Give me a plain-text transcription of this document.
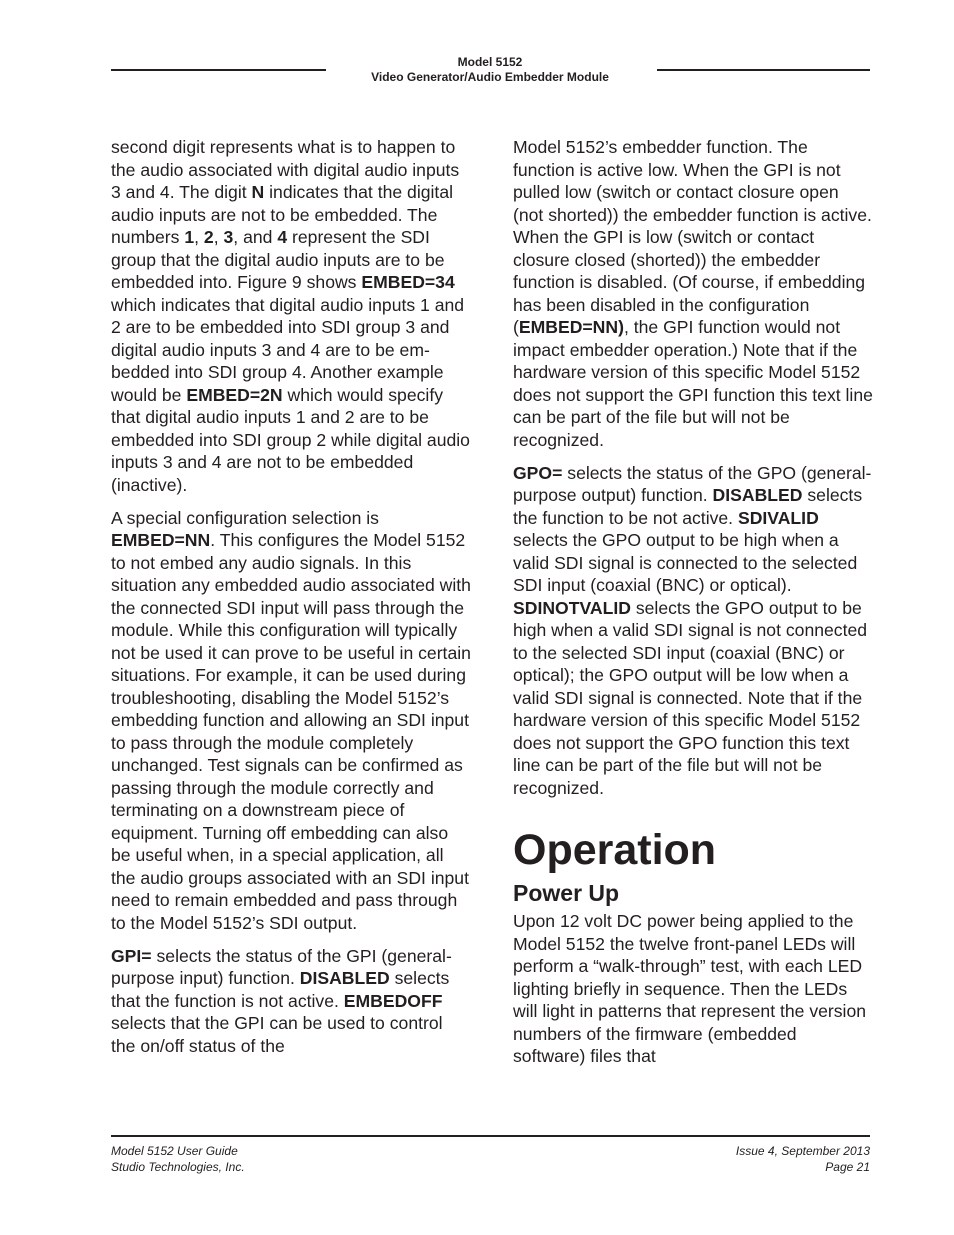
Model 5152
Video Generator/Audio Embedder Module

second digit represents what is to happen to the audio associated with digital audio inputs 3 and 4. The digit N indicates that the digital audio inputs are not to be embedded. The numbers 1, 2, 3, and 4 represent the SDI group that the digital audio inputs are to be embedded into. Figure 9 shows EMBED=34 which indicates that digital audio inputs 1 and 2 are to be embedded into SDI group 3 and digital audio inputs 3 and 4 are to be embedded into SDI group 4. Another example would be EMBED=2N which would specify that digital audio inputs 1 and 2 are to be embedded into SDI group 2 while digital audio inputs 3 and 4 are not to be embedded (inactive).

A special configuration selection is EMBED=NN. This configures the Model 5152 to not embed any audio signals. In this situation any embedded audio associated with the connected SDI input will pass through the module. While this configuration will typically not be used it can prove to be useful in certain situations. For example, it can be used during troubleshooting, disabling the Model 5152’s embedding function and allowing an SDI input to pass through the module completely unchanged. Test signals can be confirmed as passing through the module correctly and terminating on a downstream piece of equipment. Turning off embedding can also be useful when, in a special application, all the audio groups associated with an SDI input need to remain embedded and pass through to the Model 5152’s SDI output.

GPI= selects the status of the GPI (general-purpose input) function. DISABLED selects that the function is not active. EMBEDOFF selects that the GPI can be used to control the on/off status of the

Model 5152’s embedder function. The function is active low. When the GPI is not pulled low (switch or contact closure open (not shorted)) the embedder function is active. When the GPI is low (switch or contact closure closed (shorted)) the embedder function is disabled. (Of course, if embedding has been disabled in the configuration (EMBED=NN), the GPI function would not impact embedder operation.) Note that if the hardware version of this specific Model 5152 does not support the GPI function this text line can be part of the file but will not be recognized.

GPO= selects the status of the GPO (general-purpose output) function. DISABLED selects the function to be not active. SDIVALID selects the GPO output to be high when a valid SDI signal is connected to the selected SDI input (coaxial (BNC) or optical). SDINOTVALID selects the GPO output to be high when a valid SDI signal is not connected to the selected SDI input (coaxial (BNC) or optical); the GPO output will be low when a valid SDI signal is connected. Note that if the hardware version of this specific Model 5152 does not support the GPO function this text line can be part of the file but will not be recognized.

Operation
Power Up

Upon 12 volt DC power being applied to the Model 5152 the twelve front-panel LEDs will perform a “walk-through” test, with each LED lighting briefly in sequence. Then the LEDs will light in patterns that represent the version numbers of the firmware (embedded software) files that

Model 5152 User Guide
Studio Technologies, Inc.
Issue 4, September 2013
Page 21
